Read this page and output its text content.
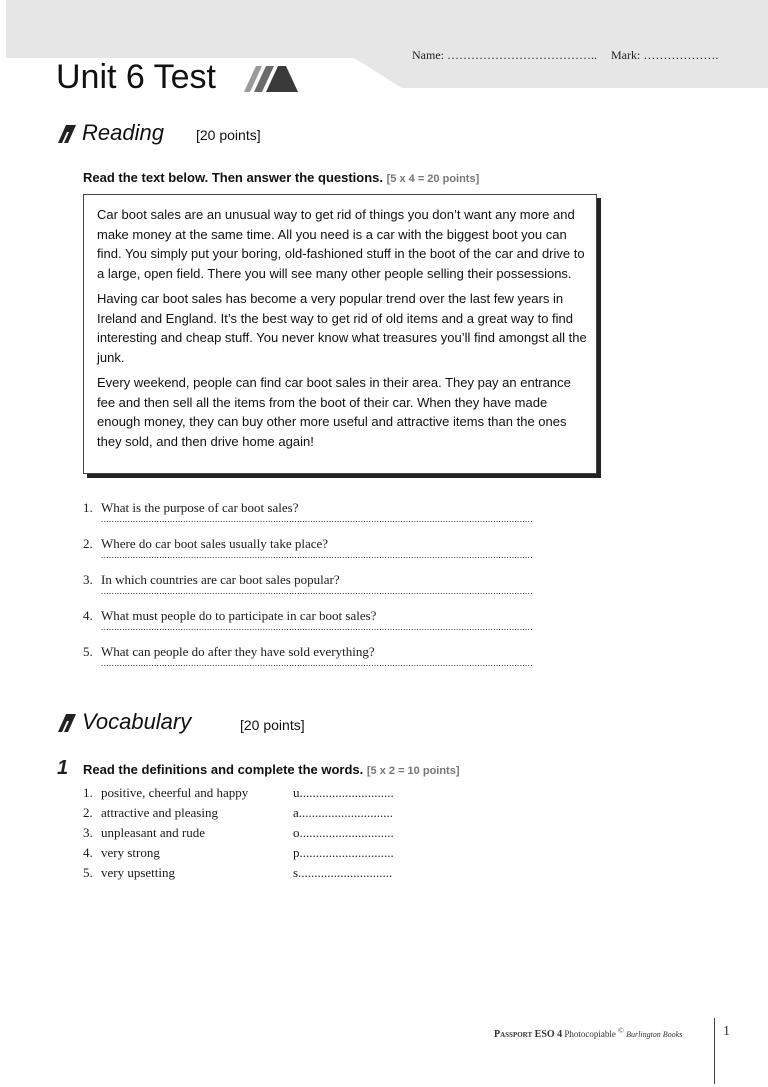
Name: ……………………………….. Mark: ……………….
Unit 6 Test
Reading [20 points]
Read the text below. Then answer the questions. [5 x 4 = 20 points]

Car boot sales are an unusual way to get rid of things you don’t want any more and make money at the same time. All you need is a car with the biggest boot you can find. You simply put your boring, old-fashioned stuff in the boot of the car and drive to a large, open field. There you will see many other people selling their possessions.

Having car boot sales has become a very popular trend over the last few years in Ireland and England. It’s the best way to get rid of old items and a great way to find interesting and cheap stuff. You never know what treasures you’ll find amongst all the junk.

Every weekend, people can find car boot sales in their area. They pay an entrance fee and then sell all the items from the boot of their car. When they have made enough money, they can buy other more useful and attractive items than the ones they sold, and then drive home again!

1. What is the purpose of car boot sales?
...................................................................................................................................................................
2. Where do car boot sales usually take place?
...................................................................................................................................................................
3. In which countries are car boot sales popular?
...................................................................................................................................................................
4. What must people do to participate in car boot sales?
...................................................................................................................................................................
5. What can people do after they have sold everything?
...................................................................................................................................................................
Vocabulary	[20 points]
1 Read the definitions and complete the words. [5 x 2 = 10 points]
1. positive, cheerful and happy	u.............................
2. attractive and pleasing	a.............................
3. unpleasant and rude	o.............................
4. very strong	p.............................
5. very upsetting	s.............................
Passport ESO 4 Photocopiable © Burlington Books	1
